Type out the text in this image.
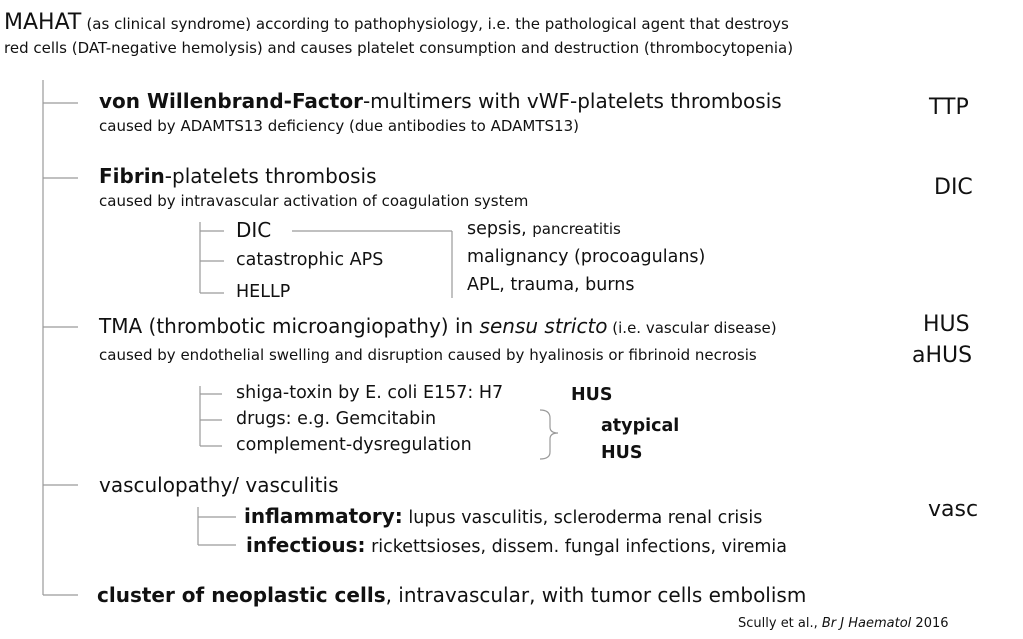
MAHAT (as clinical syndrome) according to pathophysiology, i.e. the pathological agent that destroys
red cells (DAT-negative hemolysis) and causes platelet consumption and destruction (thrombocytopenia)
von Willenbrand-Factor-multimers with vWF-platelets thrombosis
caused by ADAMTS13 deficiency (due antibodies to ADAMTS13)
TTP
Fibrin-platelets thrombosis
caused by intravascular activation of coagulation system
DIC
DIC
catastrophic APS
HELLP
sepsis, pancreatitis
malignancy (procoagulans)
APL, trauma, burns
TMA (thrombotic microangiopathy) in sensu stricto (i.e. vascular disease)
caused by endothelial swelling and disruption caused by hyalinosis or fibrinoid necrosis
HUS
aHUS
shiga-toxin by E. coli E157: H7
drugs: e.g. Gemcitabin
complement-dysregulation
HUS
atypical
HUS
vasculopathy/ vasculitis
vasc
inflammatory: lupus vasculitis, scleroderma renal crisis
infectious: rickettsioses, dissem. fungal infections, viremia
cluster of neoplastic cells, intravascular, with tumor cells embolism
Scully et al., Br J Haematol 2016
